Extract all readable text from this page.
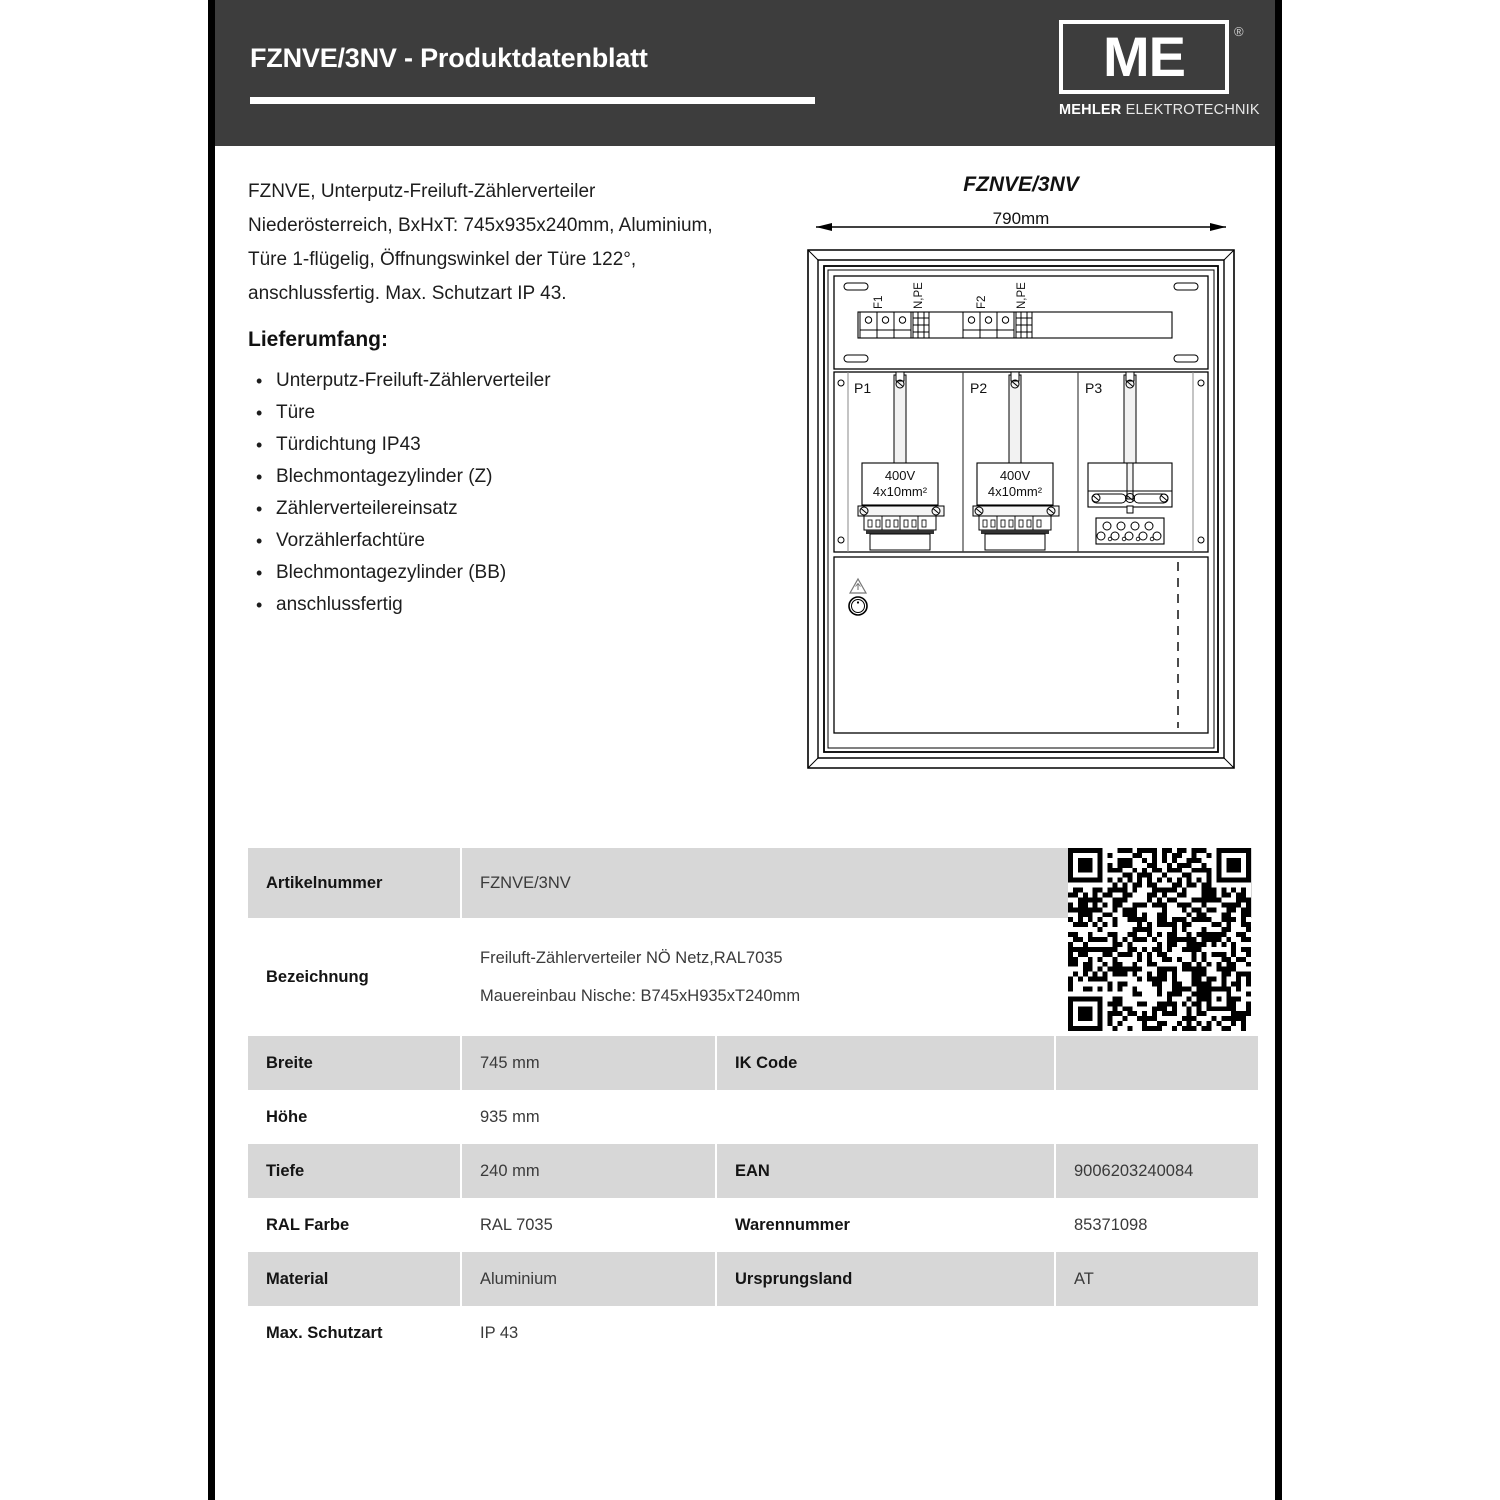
FZNVE/3NV - Produktdatenblatt	ME	®
MEHLER ELEKTROTECHNIK
FZNVE, Unterputz-Freiluft-Zählerverteiler Niederösterreich, BxHxT: 745x935x240mm, Aluminium, Türe 1-flügelig, Öffnungswinkel der Türe 122°, anschlussfertig. Max. Schutzart IP 43.
Lieferumfang:
• Unterputz-Freiluft-Zählerverteiler
• Türe
• Türdichtung IP43
• Blechmontagezylinder (Z)
• Zählerverteilereinsatz
• Vorzählerfachtüre
• Blechmontagezylinder (BB)
• anschlussfertig
FZNVE/3NV
790mm
F1 N,PE	F2 N,PE
P1	P2	P3
400V
4x10mm²
400V
4x10mm²
Artikelnummer	FZNVE/3NV
Bezeichnung
Freiluft-Zählerverteiler NÖ Netz,RAL7035
Mauereinbau Nische: B745xH935xT240mm
Breite	745 mm	IK Code
Höhe	935 mm
Tiefe	240 mm	EAN	9006203240084
RAL Farbe	RAL 7035	Warennummer	85371098
Material	Aluminium	Ursprungsland	AT
Max. Schutzart	IP 43
